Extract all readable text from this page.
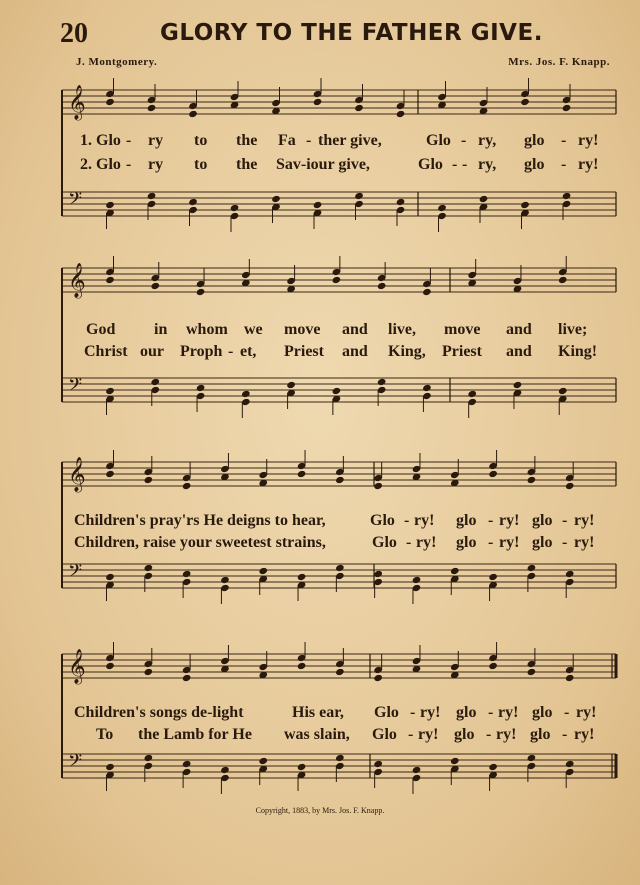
20	GLORY TO THE FATHER GIVE.
J. Montgomery.	Mrs. Jos. F. Knapp.
𝄞
𝄢
1. Glo - ry to the Fa - ther give,	Glo - ry, glo - ry!
2. Glo - ry to the Sav-iour give,	Glo - - ry, glo - ry!
𝄞
𝄢
God in whom we move and live, move and live;
Christ our Proph - et, Priest and King, Priest and King!
𝄞
𝄢
Children's pray'rs He deigns to hear,	Glo - ry! glo - ry! glo - ry!
Children, raise your sweetest strains,	Glo - ry! glo - ry! glo - ry!
𝄞
𝄢
Children's songs de-light	His ear, Glo - ry! glo - ry! glo - ry!
To the Lamb for He was slain, Glo - ry! glo - ry! glo - ry!
Copyright, 1883, by Mrs. Jos. F. Knapp.
